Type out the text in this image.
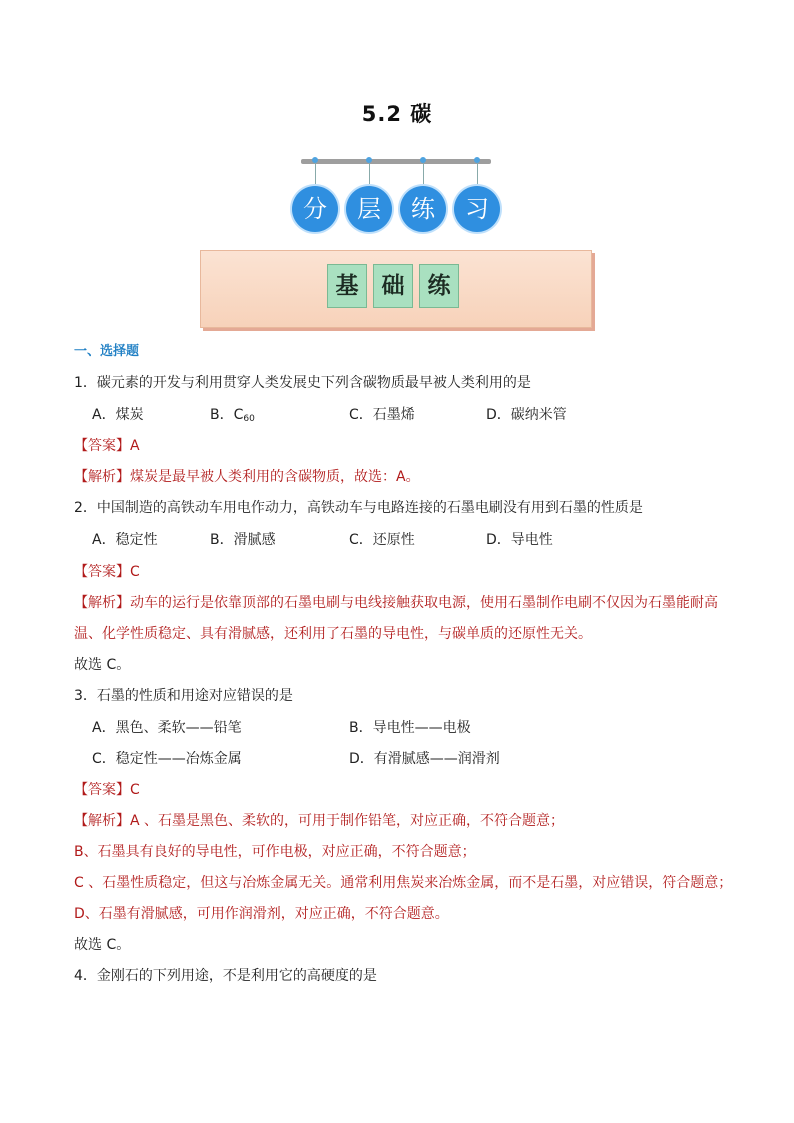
5.2 碳
分	层	练	习
基	础	练
一、选择题
1．碳元素的开发与利用贯穿人类发展史下列含碳物质最早被人类利用的是
A．煤炭	B．$C_{60}$	C．石墨烯	D．碳纳米管
【答案】A
【解析】煤炭是最早被人类利用的含碳物质，故选：A。
2．中国制造的高铁动车用电作动力，高铁动车与电路连接的石墨电刷没有用到石墨的性质是
A．稳定性	B．滑腻感	C．还原性	D．导电性
【答案】C
【解析】动车的运行是依靠顶部的石墨电刷与电线接触获取电源，使用石墨制作电刷不仅因为石墨能耐高
温、化学性质稳定、具有滑腻感，还利用了石墨的导电性，与碳单质的还原性无关。
故选 C。
3．石墨的性质和用途对应错误的是
A．黑色、柔软——铅笔	B．导电性——电极
C．稳定性——冶炼金属	D．有滑腻感——润滑剂
【答案】C
【解析】A 、石墨是黑色、柔软的，可用于制作铅笔，对应正确，不符合题意；
B、石墨具有良好的导电性，可作电极，对应正确，不符合题意；
C 、石墨性质稳定，但这与冶炼金属无关。通常利用焦炭来冶炼金属，而不是石墨，对应错误，符合题意；
D、石墨有滑腻感，可用作润滑剂，对应正确，不符合题意。
故选 C。
4．金刚石的下列用途，不是利用它的高硬度的是
